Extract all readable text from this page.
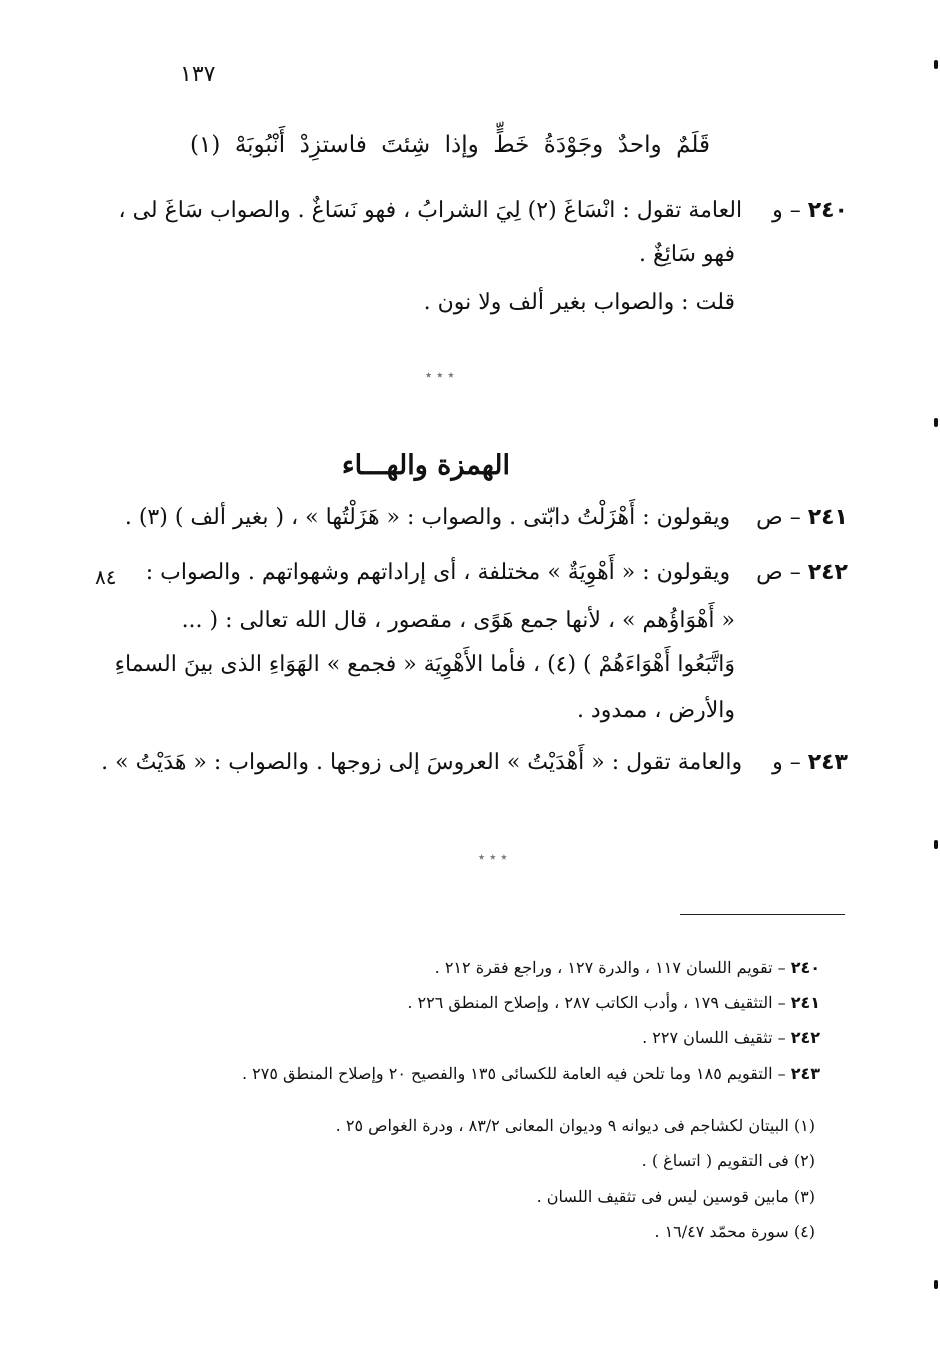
١٣٧
قَلَمٌ واحدٌ وجَوْدَةُ خَطٍّ وإذا شِئتَ فاستزِدْ أَنْبُوبَهْ (١)
٢٤٠ – و  العامة تقول : انْسَاغَ (٢) لِيَ الشرابُ ، فهو نَسَاغٌ . والصواب سَاغَ لى ،
فهو سَائِغٌ .
قلت : والصواب بغير ألف ولا نون .
٭ ٭ ٭
الهمزة والهـــاء
٢٤١ – ص  ويقولون : أَهْزَلْتُ دابّتى . والصواب : « هَزَلْتُها » ، ( بغير ألف ) (٣) .
٢٤٢ – ص  ويقولون : « أَهْوِيَةٌ » مختلفة ، أى إراداتهم وشهواتهم . والصواب :
٨٤
« أَهْوَاؤُهم » ، لأنها جمع هَوًى ، مقصور ، قال الله تعالى : ( ...
وَاتَّبَعُوا أَهْوَاءَهُمْ ) (٤) ، فأما الأَهْوِيَة « فجمع » الهَوَاءِ الذى بينَ السماءِ
والأرض ، ممدود .
٢٤٣ – و  والعامة تقول : « أَهْدَيْتُ » العروسَ إلى زوجها . والصواب : « هَدَيْتُ » .
٭ ٭ ٭
٢٤٠ – تقويم اللسان ١١٧ ، والدرة ١٢٧ ، وراجع فقرة ٢١٢ .
٢٤١ – التثقيف ١٧٩ ، وأدب الكاتب ٢٨٧ ، وإصلاح المنطق ٢٢٦ .
٢٤٢ – تثقيف اللسان ٢٢٧ .
٢٤٣ – التقويم ١٨٥ وما تلحن فيه العامة للكسائى ١٣٥ والفصيح ٢٠ وإصلاح المنطق ٢٧٥ .
(١) البيتان لكشاجم فى ديوانه ٩ وديوان المعانى ٨٣/٢ ، ودرة الغواص ٢٥ .
(٢) فى التقويم ( اتساغ ) .
(٣) مابين قوسين ليس فى تثقيف اللسان .
(٤) سورة محمّد ١٦/٤٧ .
